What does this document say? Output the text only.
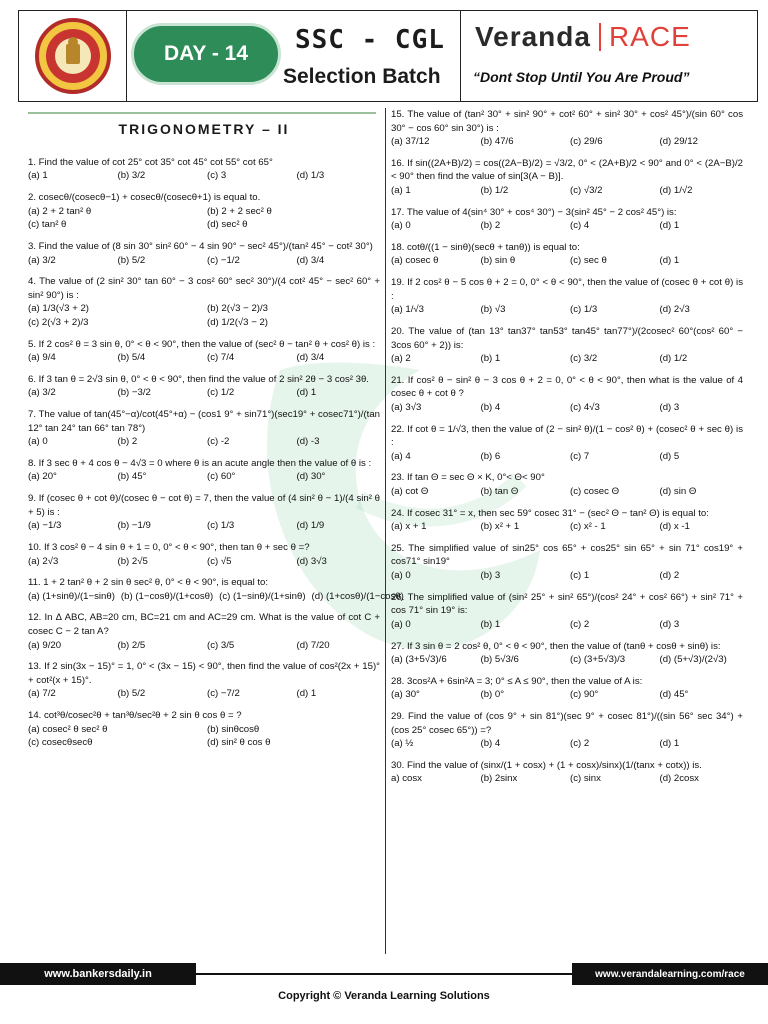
DAY - 14	SSC - CGL
Selection Batch
Veranda RACE
“Dont Stop Until You Are Proud”
TRIGONOMETRY – II
1. Find the value of cot 25° cot 35° cot 45° cot 55° cot 65°
(a) 1	(b) 3/2	(c) 3	(d) 1/3
2. cosecθ/(cosecθ−1) + cosecθ/(cosecθ+1) is equal to.
(a) 2 + 2 tan² θ	(b) 2 + 2 sec² θ
(c) tan² θ	(d) sec² θ
3. Find the value of (8 sin 30° sin² 60° − 4 sin 90° − sec² 45°)/(tan² 45° − cot² 30°)
(a) 3/2	(b) 5/2	(c) −1/2	(d) 3/4
4. The value of (2 sin² 30° tan 60° − 3 cos² 60° sec² 30°)/(4 cot² 45° − sec² 60° + sin² 90°) is :
(a) 1/3(√3 + 2)	(b) 2(√3 − 2)/3
(c) 2(√3 + 2)/3	(d) 1/2(√3 − 2)
5. If 2 cos² θ = 3 sin θ, 0° < θ < 90°, then the value of (sec² θ − tan² θ + cos² θ) is :
(a) 9/4	(b) 5/4	(c) 7/4	(d) 3/4
6. If 3 tan θ = 2√3 sin θ, 0° < θ < 90°, then find the value of 2 sin² 2θ − 3 cos² 3θ.
(a) 3/2	(b) −3/2	(c) 1/2	(d) 1
7. The value of tan(45°−α)/cot(45°+α) − (cos1 9° + sin71°)(sec19° + cosec71°)/(tan 12° tan 24° tan 66° tan 78°)
(a) 0	(b) 2	(c) -2	(d) -3
8. If 3 sec θ + 4 cos θ − 4√3 = 0 where θ is an acute angle then the value of θ is :
(a) 20°	(b) 45°	(c) 60°	(d) 30°
9. If (cosec θ + cot θ)/(cosec θ − cot θ) = 7, then the value of (4 sin² θ − 1)/(4 sin² θ + 5) is :
(a) −1/3	(b) −1/9	(c) 1/3	(d) 1/9
10. If 3 cos² θ − 4 sin θ + 1 = 0, 0° < θ < 90°, then tan θ + sec θ =?
(a) 2√3	(b) 2√5	(c) √5	(d) 3√3
11. 1 + 2 tan² θ + 2 sin θ sec² θ, 0° < θ < 90°, is equal to:
(a) (1+sinθ)/(1−sinθ) (b) (1−cosθ)/(1+cosθ) (c) (1−sinθ)/(1+sinθ) (d) (1+cosθ)/(1−cosθ)
12. In Δ ABC, AB=20 cm, BC=21 cm and AC=29 cm. What is the value of cot C + cosec C − 2 tan A?
(a) 9/20	(b) 2/5	(c) 3/5	(d) 7/20
13. If 2 sin(3x − 15)° = 1, 0° < (3x − 15) < 90°, then find the value of cos²(2x + 15)° + cot²(x + 15)°.
(a) 7/2	(b) 5/2	(c) −7/2	(d) 1
14. cot³θ/cosec²θ + tan³θ/sec²θ + 2 sin θ cos θ = ?
(a) cosec² θ sec² θ	(b) sinθcosθ
(c) cosecθsecθ	(d) sin² θ cos θ
15. The value of (tan² 30° + sin² 90° + cot² 60° + sin² 30° + cos² 45°)/(sin 60° cos 30° − cos 60° sin 30°) is :
(a) 37/12	(b) 47/6	(c) 29/6	(d) 29/12
16. If sin((2A+B)/2) = cos((2A−B)/2) = √3/2, 0° < (2A+B)/2 < 90° and 0° < (2A−B)/2 < 90° then find the value of sin[3(A − B)].
(a) 1	(b) 1/2	(c) √3/2	(d) 1/√2
17. The value of 4(sin⁴ 30° + cos⁴ 30°) − 3(sin² 45° − 2 cos² 45°) is:
(a) 0	(b) 2	(c) 4	(d) 1
18. cotθ/((1 − sinθ)(secθ + tanθ)) is equal to:
(a) cosec θ	(b) sin θ	(c) sec θ	(d) 1
19. If 2 cos² θ − 5 cos θ + 2 = 0, 0° < θ < 90°, then the value of (cosec θ + cot θ) is :
(a) 1/√3	(b) √3	(c) 1/3	(d) 2√3
20. The value of (tan 13° tan37° tan53° tan45° tan77°)/(2cosec² 60°(cos² 60° − 3cos 60° + 2)) is:
(a) 2	(b) 1	(c) 3/2	(d) 1/2
21. If cos² θ − sin² θ − 3 cos θ + 2 = 0, 0° < θ < 90°, then what is the value of 4 cosec θ + cot θ ?
(a) 3√3	(b) 4	(c) 4√3	(d) 3
22. If cot θ = 1/√3, then the value of (2 − sin² θ)/(1 − cos² θ) + (cosec² θ + sec θ) is :
(a) 4	(b) 6	(c) 7	(d) 5
23. If tan Θ = sec Θ × K, 0°< Θ< 90°
(a) cot Θ	(b) tan Θ	(c) cosec Θ	(d) sin Θ
24. If cosec 31° = x, then sec 59° cosec 31° − (sec² Θ − tan² Θ) is equal to:
(a) x + 1	(b) x² + 1	(c) x² - 1	(d) x -1
25. The simplified value of sin25° cos 65° + cos25° sin 65° + sin 71° cos19° + cos71° sin19°
(a) 0	(b) 3	(c) 1	(d) 2
26. The simplified value of (sin² 25° + sin² 65°)/(cos² 24° + cos² 66°) + sin² 71° + cos 71° sin 19° is:
(a) 0	(b) 1	(c) 2	(d) 3
27. If 3 sin θ = 2 cos² θ, 0° < θ < 90°, then the value of (tanθ + cosθ + sinθ) is:
(a) (3+5√3)/6	(b) 5√3/6	(c) (3+5√3)/3	(d) (5+√3)/(2√3)
28. 3cos²A + 6sin²A = 3; 0° ≤ A ≤ 90°, then the value of A is:
(a) 30°	(b) 0°	(c) 90°	(d) 45°
29. Find the value of (cos 9° + sin 81°)(sec 9° + cosec 81°)/((sin 56° sec 34°) + (cos 25° cosec 65°)) =?
(a) ½	(b) 4	(c) 2	(d) 1
30. Find the value of (sinx/(1 + cosx) + (1 + cosx)/sinx)(1/(tanx + cotx)) is.
a) cosx	(b) 2sinx	(c) sinx	(d) 2cosx
www.bankersdaily.in	www.verandalearning.com/race
Copyright © Veranda Learning Solutions
